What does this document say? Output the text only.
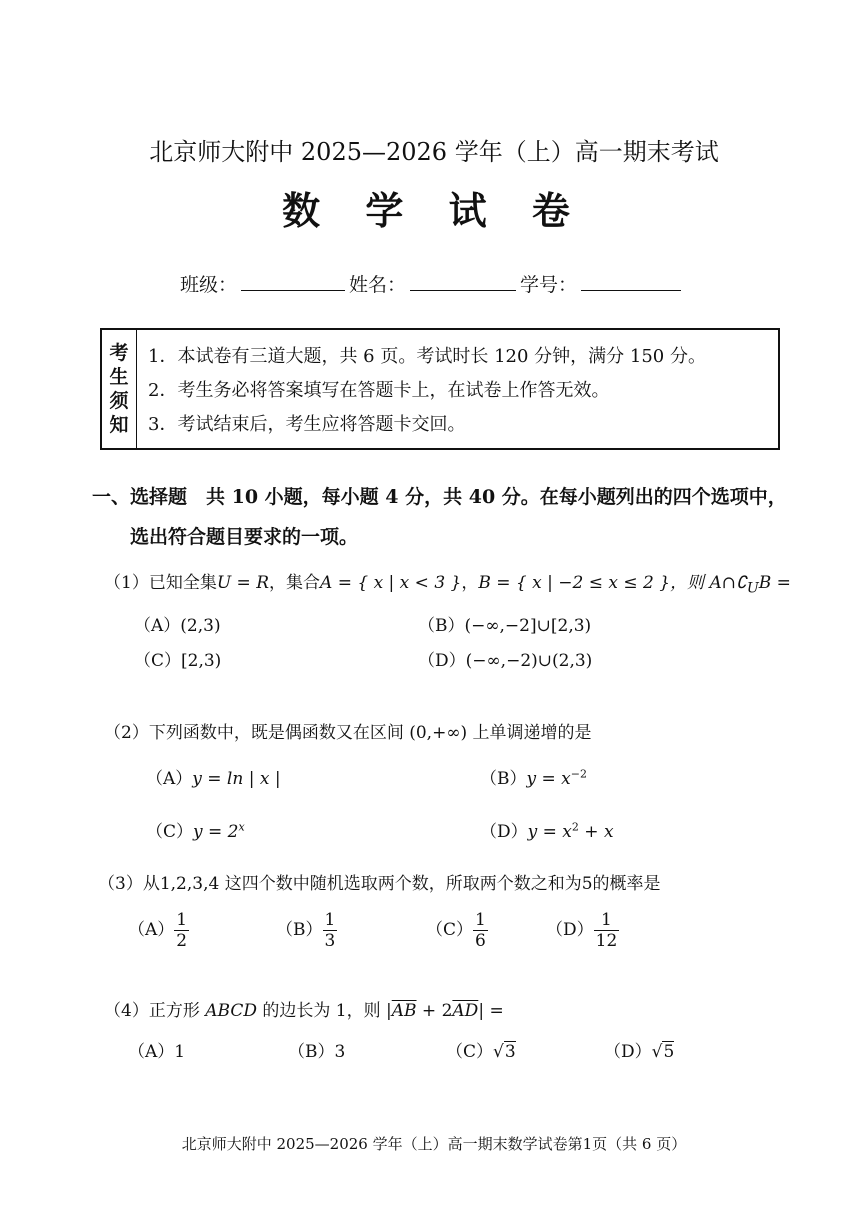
北京师大附中 2025—2026 学年（上）高一期末考试
数 学 试 卷
班级：	姓名：	学号：
考
生
须
知
1．本试卷有三道大题，共 6 页。考试时长 120 分钟，满分 150 分。
2．考生务必将答案填写在答题卡上，在试卷上作答无效。
3．考试结束后，考生应将答题卡交回。
一、选择题　共 10 小题，每小题 4 分，共 40 分。在每小题列出的四个选项中，
选出符合题目要求的一项。
（1）已知全集U = R，集合A = { x | x < 3 }，B = { x | −2 ≤ x ≤ 2 }，则 $A\cap∁_UB$ =
（A）(2,3)	（B）(−∞,−2]∪[2,3)
（C）[2,3)	（D）(−∞,−2)∪(2,3)
（2）下列函数中，既是偶函数又在区间 (0,+∞) 上单调递增的是
（A）y = ln | x |	$(B)y = x^{-2}$
$(C)y = 2^x$	$(D)y = x^2 + x$
（3）从1,2,3,4 这四个数中随机选取两个数，所取两个数之和为5的概率是
$(A) \frac{1}{2}$	$(B) \frac{1}{3}$	$(C) \frac{1}{6}$	$(D) \frac{1}{12}$
（4）正方形 ABCD 的边长为 1，则 $|\overline{AB} + 2\overline{AD}|$ =
（A）1	（B）3	（C）√3	（D）√5
北京师大附中 2025—2026 学年（上）高一期末数学试卷第1页（共 6 页）
